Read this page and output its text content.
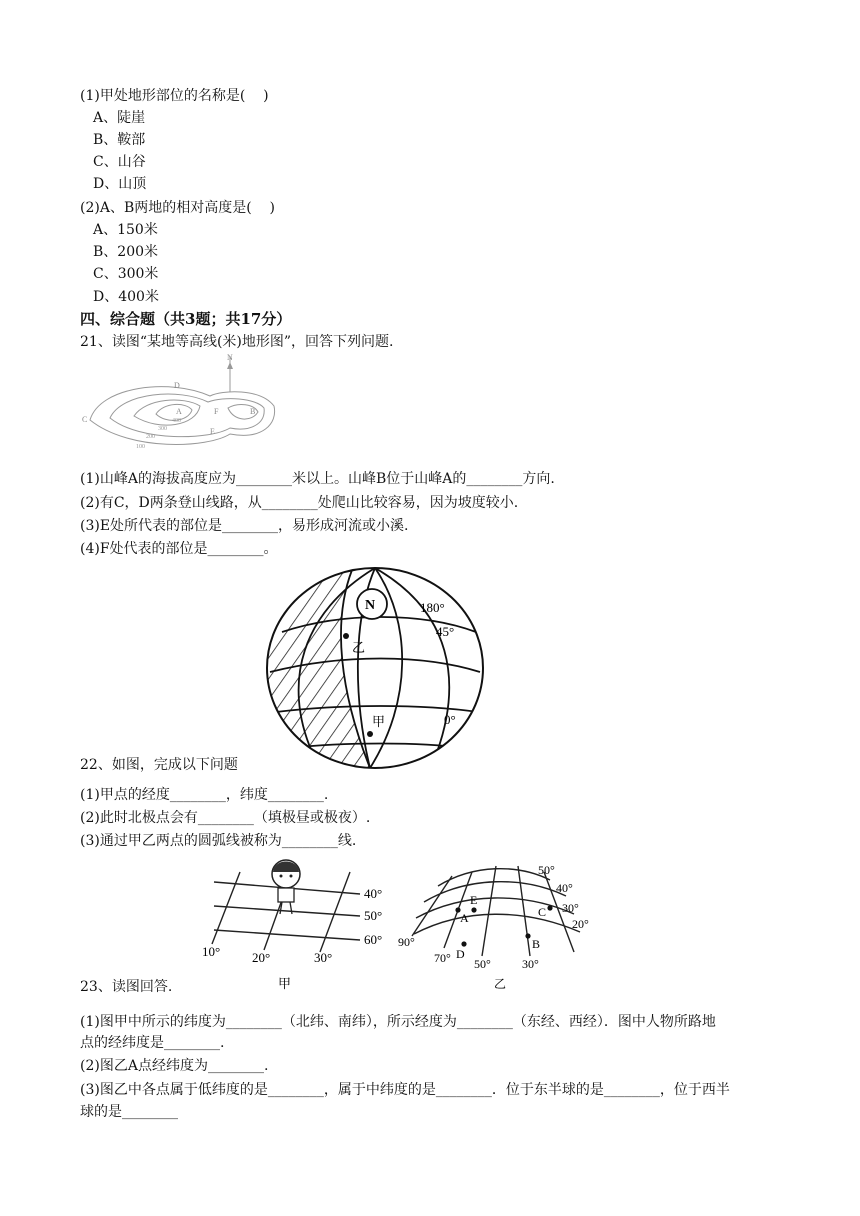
(1)甲处地形部位的名称是(    )
A、陡崖
B、鞍部
C、山谷
D、山顶
(2)A、B两地的相对高度是(    )
A、150米
B、200米
C、300米
D、400米
四、综合题（共3题；共17分）
21、读图“某地等高线(米)地形图”，回答下列问题.
N
C
D
E
F
A	B
400
300
200
100
(1)山峰A的海拔高度应为________米以上。山峰B位于山峰A的________方向.
(2)有C，D两条登山线路，从________处爬山比较容易，因为坡度较小.
(3)E处所代表的部位是________，易形成河流或小溪.
(4)F处代表的部位是________。
N	180°
45°
0°
乙
甲
22、如图，完成以下问题
(1)甲点的经度________，纬度________.
(2)此时北极点会有________（填极昼或极夜）.
(3)通过甲乙两点的圆弧线被称为________线.
40°
50°
60°
10° 20°	30°
甲
50°
40°
30°
20°
90°
70° 50°	30°
E
A	C
B
D
乙
23、读图回答.
(1)图甲中所示的纬度为________（北纬、南纬），所示经度为________（东经、西经）．图中人物所路地
点的经纬度是________.
(2)图乙A点经纬度为________.
(3)图乙中各点属于低纬度的是________，属于中纬度的是________．位于东半球的是________，位于西半
球的是________
